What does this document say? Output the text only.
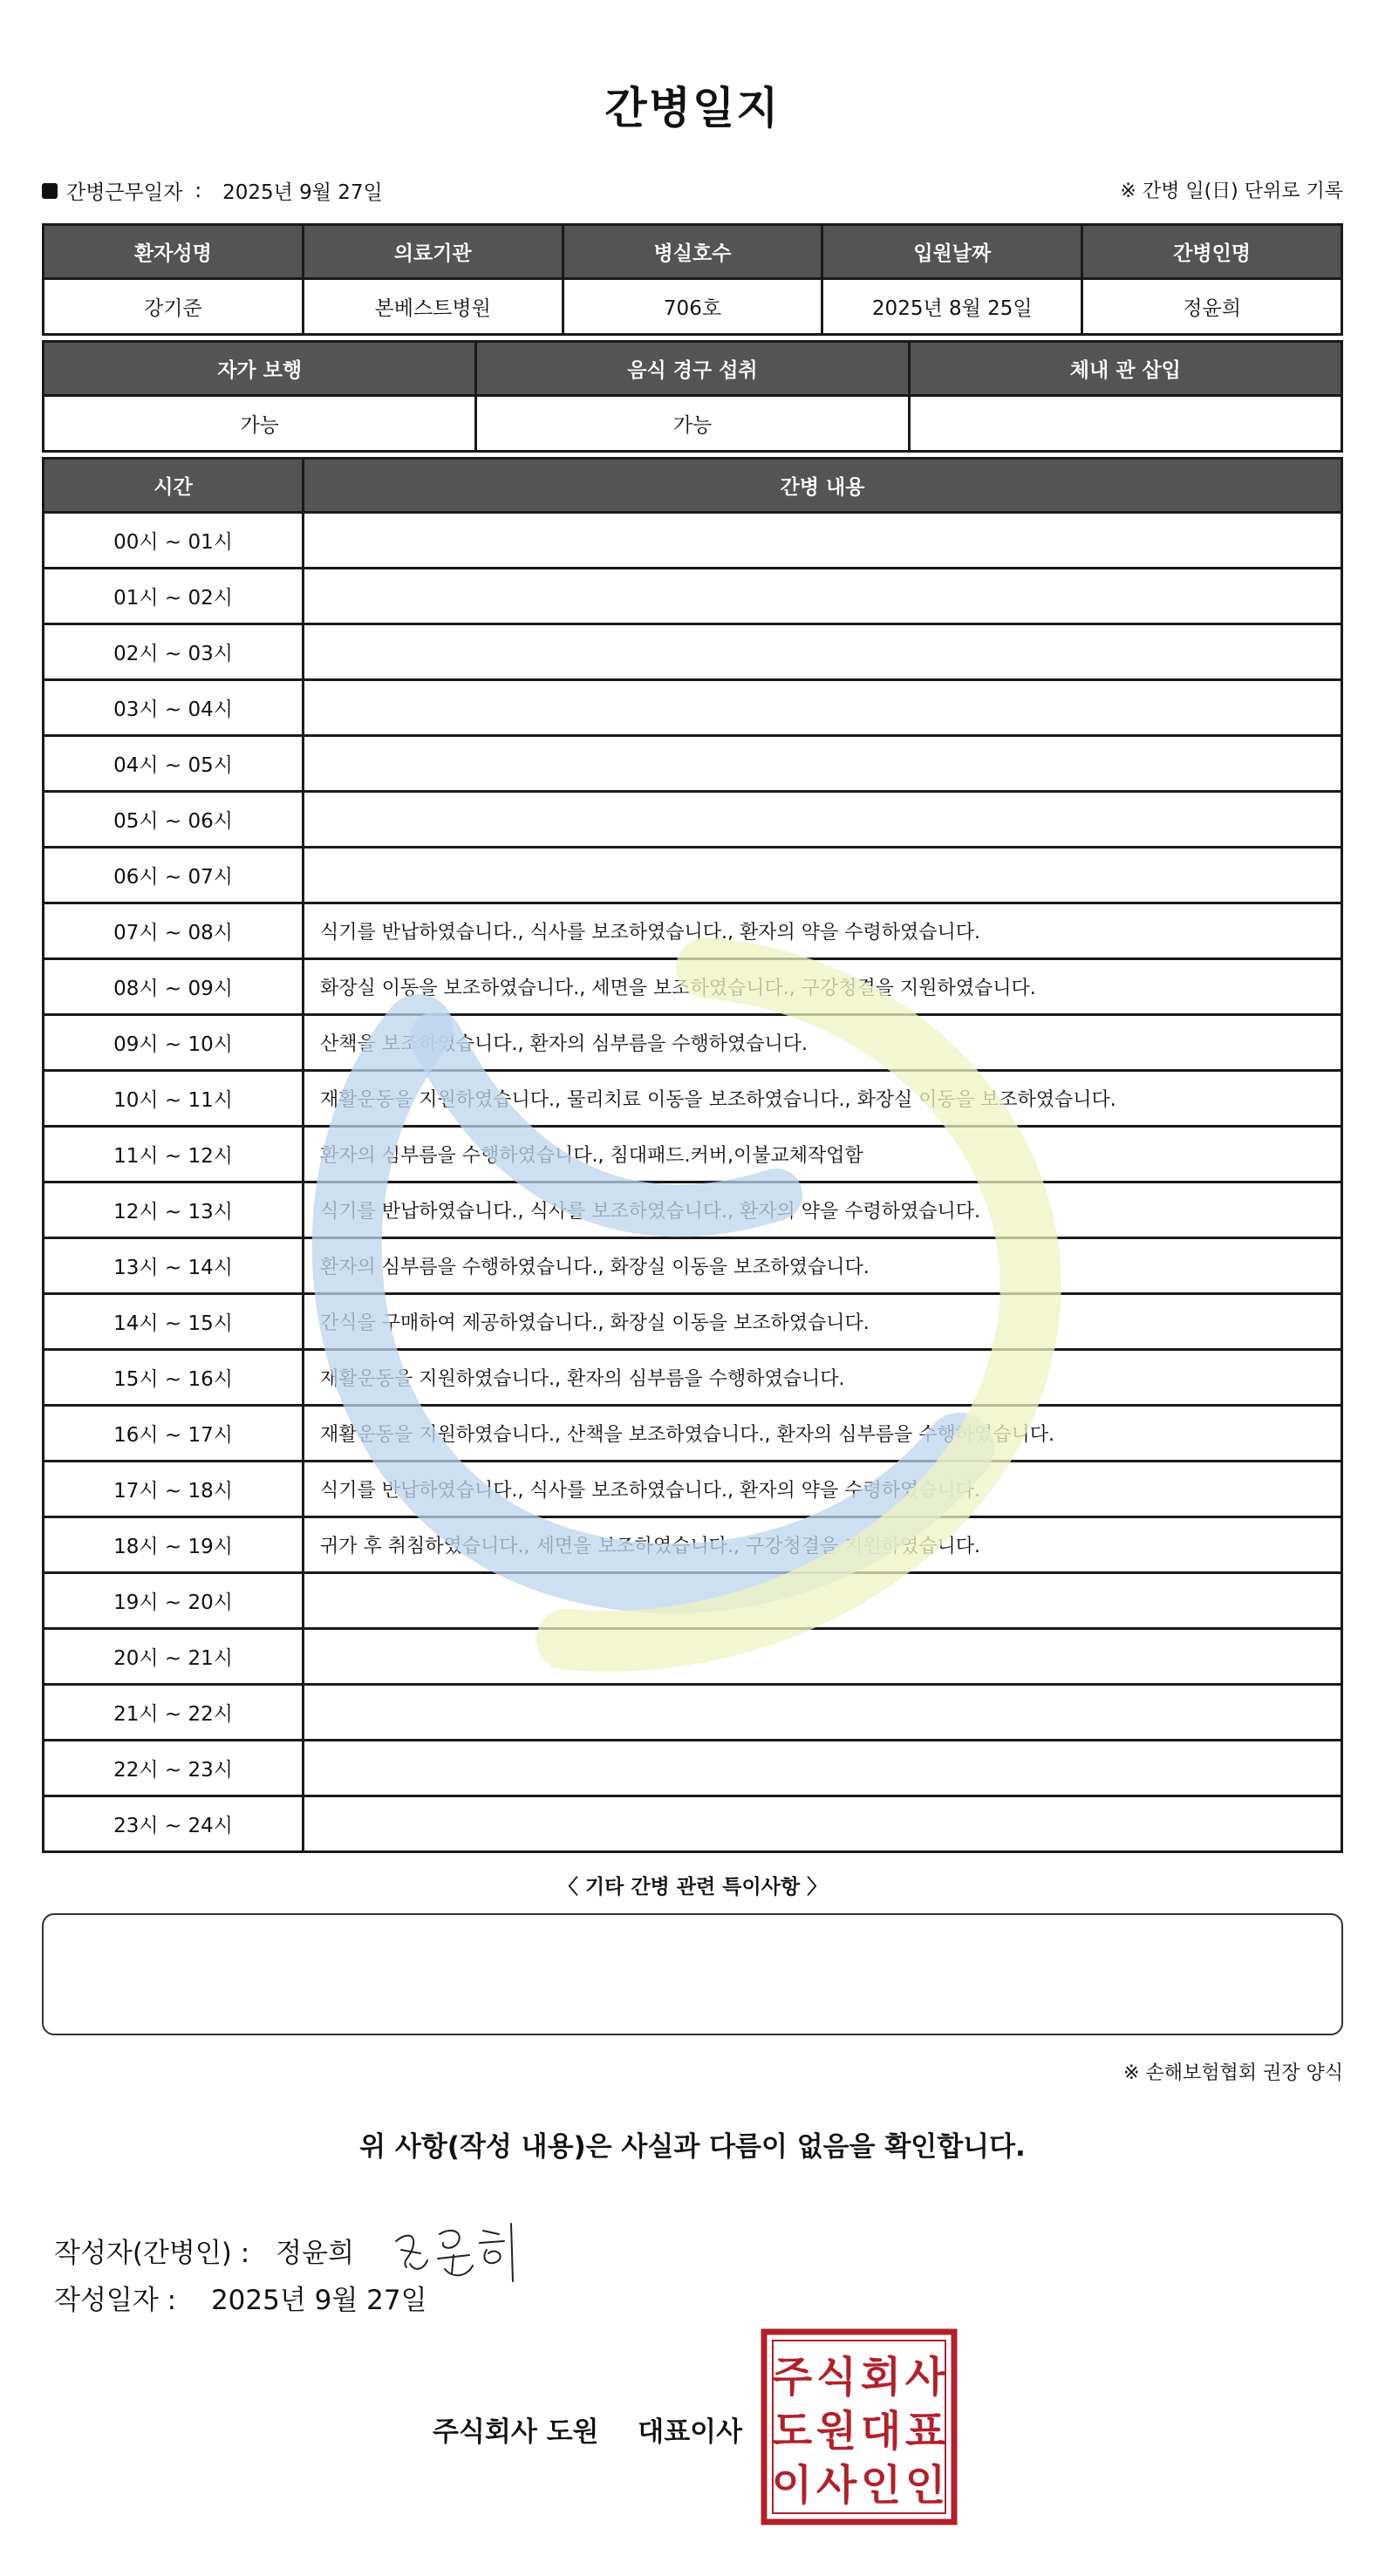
간병일지
간병근무일자 : 2025년 9월 27일	※ 간병 일(日) 단위로 기록
환자성명	의료기관	병실호수	입원날짜	간병인명
강기준	본베스트병원	706호	2025년 8월 25일	정윤희
자가 보행	음식 경구 섭취	체내 관 삽입
가능	가능	
시간	간병 내용
00시 ~ 01시	
01시 ~ 02시	
02시 ~ 03시	
03시 ~ 04시	
04시 ~ 05시	
05시 ~ 06시	
06시 ~ 07시	
07시 ~ 08시	식기를 반납하였습니다., 식사를 보조하였습니다., 환자의 약을 수령하였습니다.
08시 ~ 09시	화장실 이동을 보조하였습니다., 세면을 보조하였습니다., 구강청결을 지원하였습니다.
09시 ~ 10시	산책을 보조하였습니다., 환자의 심부름을 수행하였습니다.
10시 ~ 11시	재활운동을 지원하였습니다., 물리치료 이동을 보조하였습니다., 화장실 이동을 보조하였습니다.
11시 ~ 12시	환자의 심부름을 수행하였습니다., 침대패드.커버,이불교체작업함
12시 ~ 13시	식기를 반납하였습니다., 식사를 보조하였습니다., 환자의 약을 수령하였습니다.
13시 ~ 14시	환자의 심부름을 수행하였습니다., 화장실 이동을 보조하였습니다.
14시 ~ 15시	간식을 구매하여 제공하였습니다., 화장실 이동을 보조하였습니다.
15시 ~ 16시	재활운동을 지원하였습니다., 환자의 심부름을 수행하였습니다.
16시 ~ 17시	재활운동을 지원하였습니다., 산책을 보조하였습니다., 환자의 심부름을 수행하였습니다.
17시 ~ 18시	식기를 반납하였습니다., 식사를 보조하였습니다., 환자의 약을 수령하였습니다.
18시 ~ 19시	귀가 후 취침하였습니다., 세면을 보조하였습니다., 구강청결을 지원하였습니다.
19시 ~ 20시	
20시 ~ 21시	
21시 ~ 22시	
22시 ~ 23시	
23시 ~ 24시	
〈 기타 간병 관련 특이사항 〉
※ 손해보험협회 권장 양식
위 사항(작성 내용)은 사실과 다름이 없음을 확인합니다.
작성자(간병인) : 정윤희
작성일자 : 2025년 9월 27일
주식회사 도원 대표이사
주 식 회 사
도 원 대 표
이 사 인 인
